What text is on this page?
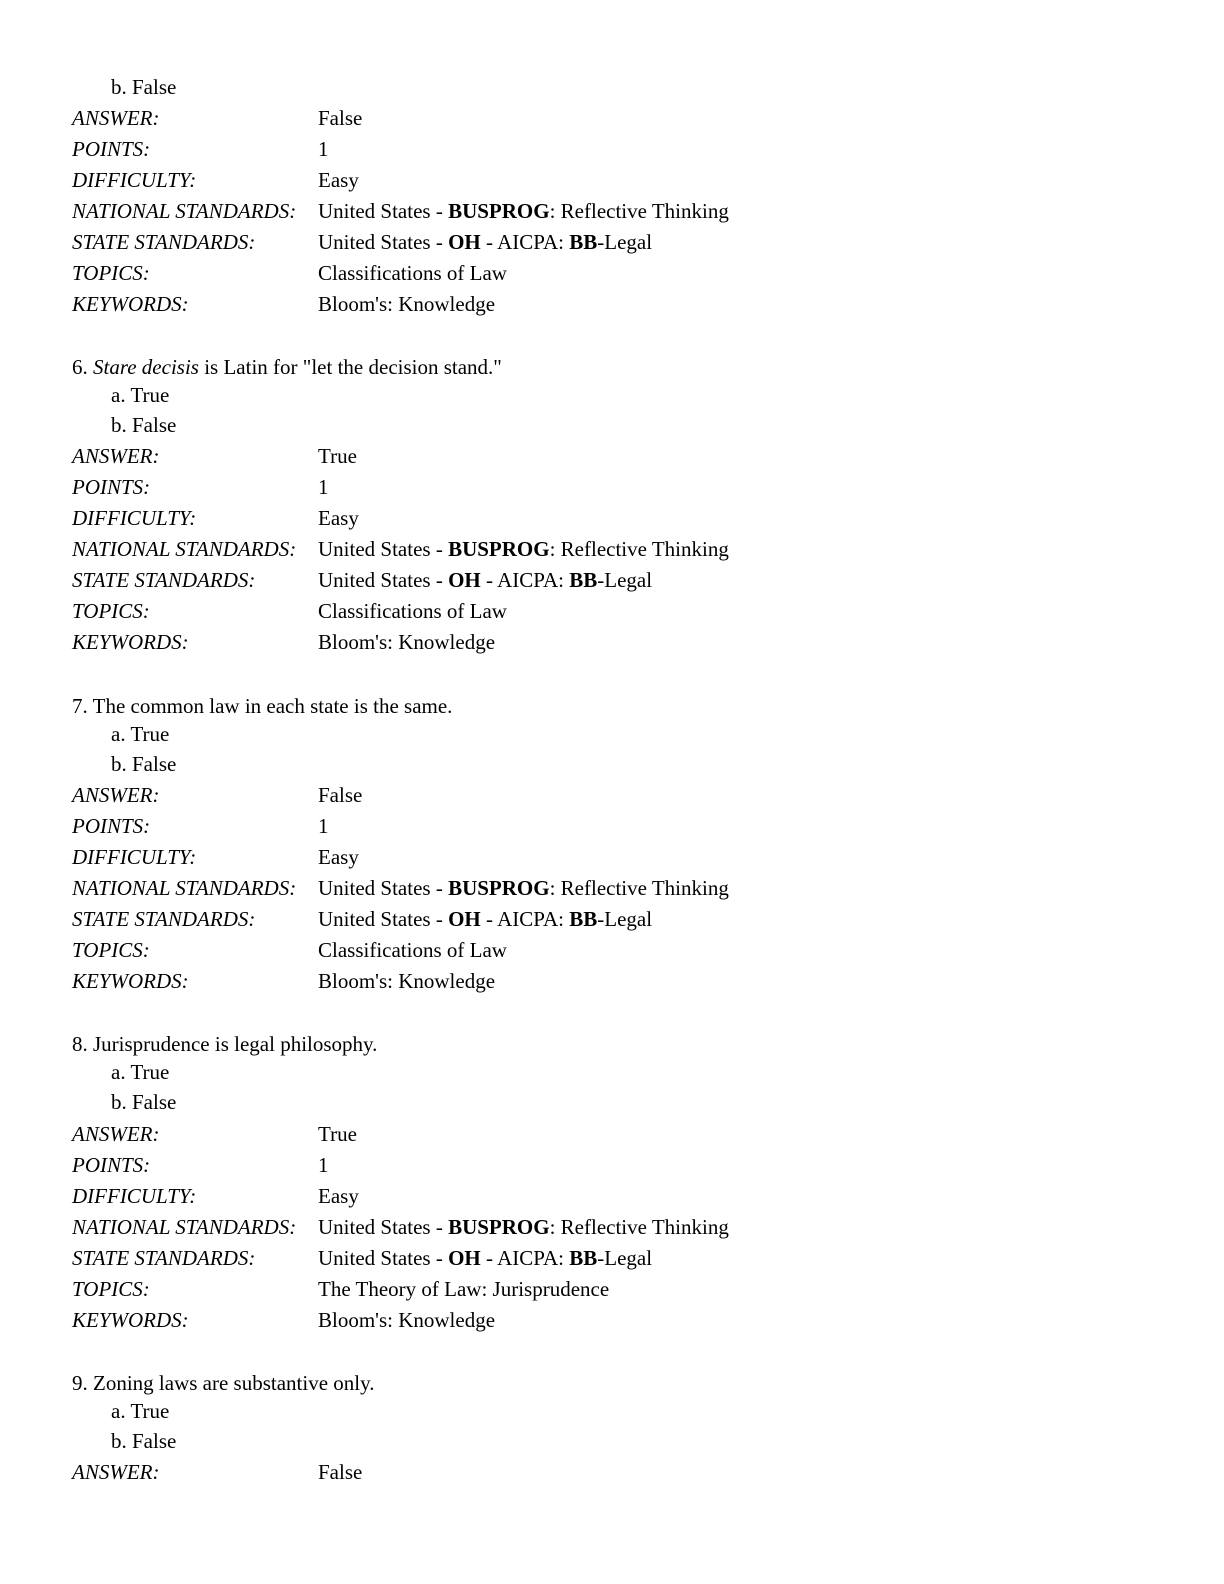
b. False
ANSWER:	False
POINTS:	1
DIFFICULTY:	Easy
NATIONAL STANDARDS: United States - BUSPROG: Reflective Thinking
STATE STANDARDS:	United States - OH - AICPA: BB-Legal
TOPICS:	Classifications of Law
KEYWORDS:	Bloom's: Knowledge
6. Stare decisis is Latin for "let the decision stand."
a. True
b. False
ANSWER:	True
POINTS:	1
DIFFICULTY:	Easy
NATIONAL STANDARDS: United States - BUSPROG: Reflective Thinking
STATE STANDARDS:	United States - OH - AICPA: BB-Legal
TOPICS:	Classifications of Law
KEYWORDS:	Bloom's: Knowledge
7. The common law in each state is the same.
a. True
b. False
ANSWER:	False
POINTS:	1
DIFFICULTY:	Easy
NATIONAL STANDARDS: United States - BUSPROG: Reflective Thinking
STATE STANDARDS:	United States - OH - AICPA: BB-Legal
TOPICS:	Classifications of Law
KEYWORDS:	Bloom's: Knowledge
8. Jurisprudence is legal philosophy.
a. True
b. False
ANSWER:	True
POINTS:	1
DIFFICULTY:	Easy
NATIONAL STANDARDS: United States - BUSPROG: Reflective Thinking
STATE STANDARDS:	United States - OH - AICPA: BB-Legal
TOPICS:	The Theory of Law: Jurisprudence
KEYWORDS:	Bloom's: Knowledge
9. Zoning laws are substantive only.
a. True
b. False
ANSWER:	False
